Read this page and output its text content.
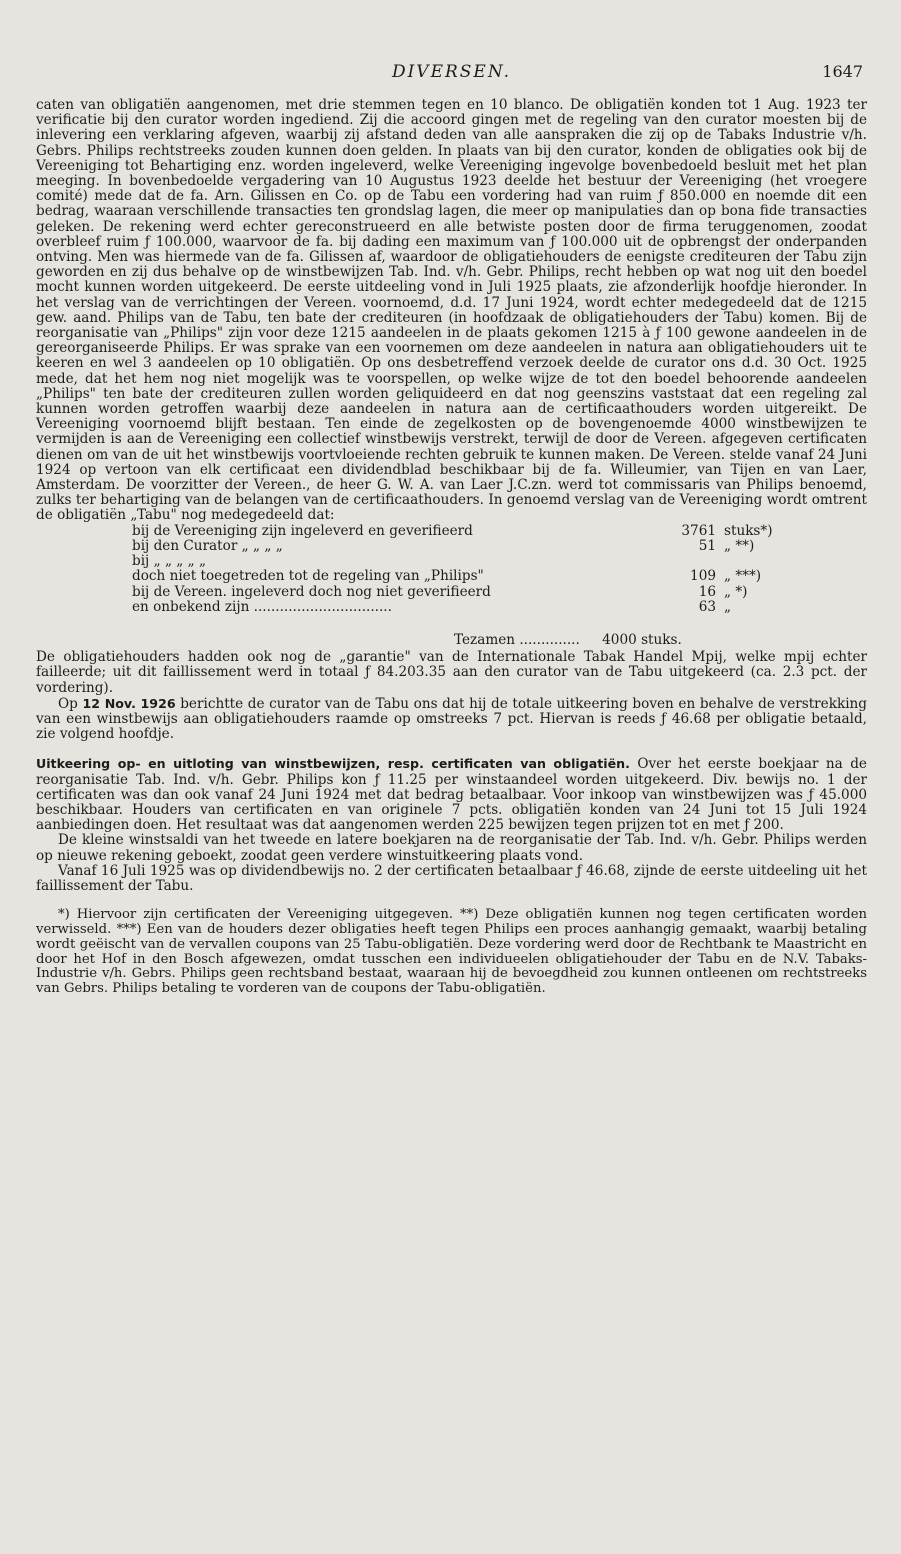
DIVERSEN.	1647

caten van obligatiën aangenomen, met drie stemmen tegen en 10 blanco. De obligatiën konden tot 1 Aug. 1923 ter verificatie bij den curator worden ingediend. Zij die accoord gingen met de regeling van den curator moesten bij de inlevering een verklaring afgeven, waarbij zij afstand deden van alle aanspraken die zij op de Tabaks Industrie v/h. Gebrs. Philips rechtstreeks zouden kunnen doen gelden. In plaats van bij den curator, konden de obligaties ook bij de Vereeniging tot Behartiging enz. worden ingeleverd, welke Vereeniging ingevolge bovenbedoeld besluit met het plan meeging. In bovenbedoelde vergadering van 10 Augustus 1923 deelde het bestuur der Vereeniging (het vroegere comité) mede dat de fa. Arn. Gilissen en Co. op de Tabu een vordering had van ruim ƒ 850.000 en noemde dit een bedrag, waaraan verschillende transacties ten grondslag lagen, die meer op manipulaties dan op bona fide transacties geleken. De rekening werd echter gereconstrueerd en alle betwiste posten door de firma teruggenomen, zoodat overbleef ruim ƒ 100.000, waarvoor de fa. bij dading een maximum van ƒ 100.000 uit de opbrengst der onderpanden ontving. Men was hiermede van de fa. Gilissen af, waardoor de obligatiehouders de eenigste crediteuren der Tabu zijn geworden en zij dus behalve op de winstbewijzen Tab. Ind. v/h. Gebr. Philips, recht hebben op wat nog uit den boedel mocht kunnen worden uitgekeerd. De eerste uitdeeling vond in Juli 1925 plaats, zie afzonderlijk hoofdje hieronder. In het verslag van de verrichtingen der Vereen. voornoemd, d.d. 17 Juni 1924, wordt echter medegedeeld dat de 1215 gew. aand. Philips van de Tabu, ten bate der crediteuren (in hoofdzaak de obligatiehouders der Tabu) komen. Bij de reorganisatie van „Philips" zijn voor deze 1215 aandeelen in de plaats gekomen 1215 à ƒ 100 gewone aandeelen in de gereorganiseerde Philips. Er was sprake van een voornemen om deze aandeelen in natura aan obligatiehouders uit te keeren en wel 3 aandeelen op 10 obligatiën. Op ons desbetreffend verzoek deelde de curator ons d.d. 30 Oct. 1925 mede, dat het hem nog niet mogelijk was te voorspellen, op welke wijze de tot den boedel behoorende aandeelen „Philips" ten bate der crediteuren zullen worden geliquideerd en dat nog geenszins vaststaat dat een regeling zal kunnen worden getroffen waarbij deze aandeelen in natura aan de certificaathouders worden uitgereikt. De Vereeniging voornoemd blijft bestaan. Ten einde de zegelkosten op de bovengenoemde 4000 winstbewijzen te vermijden is aan de Vereeniging een collectief winstbewijs verstrekt, terwijl de door de Vereen. afgegeven certificaten dienen om van de uit het winstbewijs voortvloeiende rechten gebruik te kunnen maken. De Vereen. stelde vanaf 24 Juni 1924 op vertoon van elk certificaat een dividendblad beschikbaar bij de fa. Willeumier, van Tijen en van Laer, Amsterdam. De voorzitter der Vereen., de heer G. W. A. van Laer J.C.zn. werd tot commissaris van Philips benoemd, zulks ter behartiging van de belangen van de certificaathouders. In genoemd verslag van de Vereeniging wordt omtrent de obligatiën „Tabu" nog medegedeeld dat:

bij de Vereeniging zijn ingeleverd en geverifieerd	3761	stuks*)
bij den Curator „ „ „ „	51	„ **)
bij „ „ „ „ „		
doch niet toegetreden tot de regeling van „Philips"	109	„ ***)
bij de Vereen. ingeleverd doch nog niet geverifieerd	16	„ *)
en onbekend zijn ................................	63	„
Tezamen .............. 4000 stuks.

De obligatiehouders hadden ook nog de „garantie" van de Internationale Tabak Handel Mpij, welke mpij echter failleerde; uit dit faillissement werd in totaal ƒ 84.203.35 aan den curator van de Tabu uitgekeerd (ca. 2.3 pct. der vordering).

Op 12 Nov. 1926 berichtte de curator van de Tabu ons dat hij de totale uitkeering boven en behalve de verstrekking van een winstbewijs aan obligatiehouders raamde op omstreeks 7 pct. Hiervan is reeds ƒ 46.68 per obligatie betaald, zie volgend hoofdje.

Uitkeering op- en uitloting van winstbewijzen, resp. certificaten van obligatiën. Over het eerste boekjaar na de reorganisatie Tab. Ind. v/h. Gebr. Philips kon ƒ 11.25 per winstaandeel worden uitgekeerd. Div. bewijs no. 1 der certificaten was dan ook vanaf 24 Juni 1924 met dat bedrag betaalbaar. Voor inkoop van winstbewijzen was ƒ 45.000 beschikbaar. Houders van certificaten en van originele 7 pcts. obligatiën konden van 24 Juni tot 15 Juli 1924 aanbiedingen doen. Het resultaat was dat aangenomen werden 225 bewijzen tegen prijzen tot en met ƒ 200.

De kleine winstsaldi van het tweede en latere boekjaren na de reorganisatie der Tab. Ind. v/h. Gebr. Philips werden op nieuwe rekening geboekt, zoodat geen verdere winstuitkeering plaats vond.

Vanaf 16 Juli 1925 was op dividendbewijs no. 2 der certificaten betaalbaar ƒ 46.68, zijnde de eerste uitdeeling uit het faillissement der Tabu.

*) Hiervoor zijn certificaten der Vereeniging uitgegeven. **) Deze obligatiën kunnen nog tegen certificaten worden verwisseld. ***) Een van de houders dezer obligaties heeft tegen Philips een proces aanhangig gemaakt, waarbij betaling wordt geëischt van de vervallen coupons van 25 Tabu-obligatiën. Deze vordering werd door de Rechtbank te Maastricht en door het Hof in den Bosch afgewezen, omdat tusschen een individueelen obligatiehouder der Tabu en de N.V. Tabaks-Industrie v/h. Gebrs. Philips geen rechtsband bestaat, waaraan hij de bevoegdheid zou kunnen ontleenen om rechtstreeks van Gebrs. Philips betaling te vorderen van de coupons der Tabu-obligatiën.
